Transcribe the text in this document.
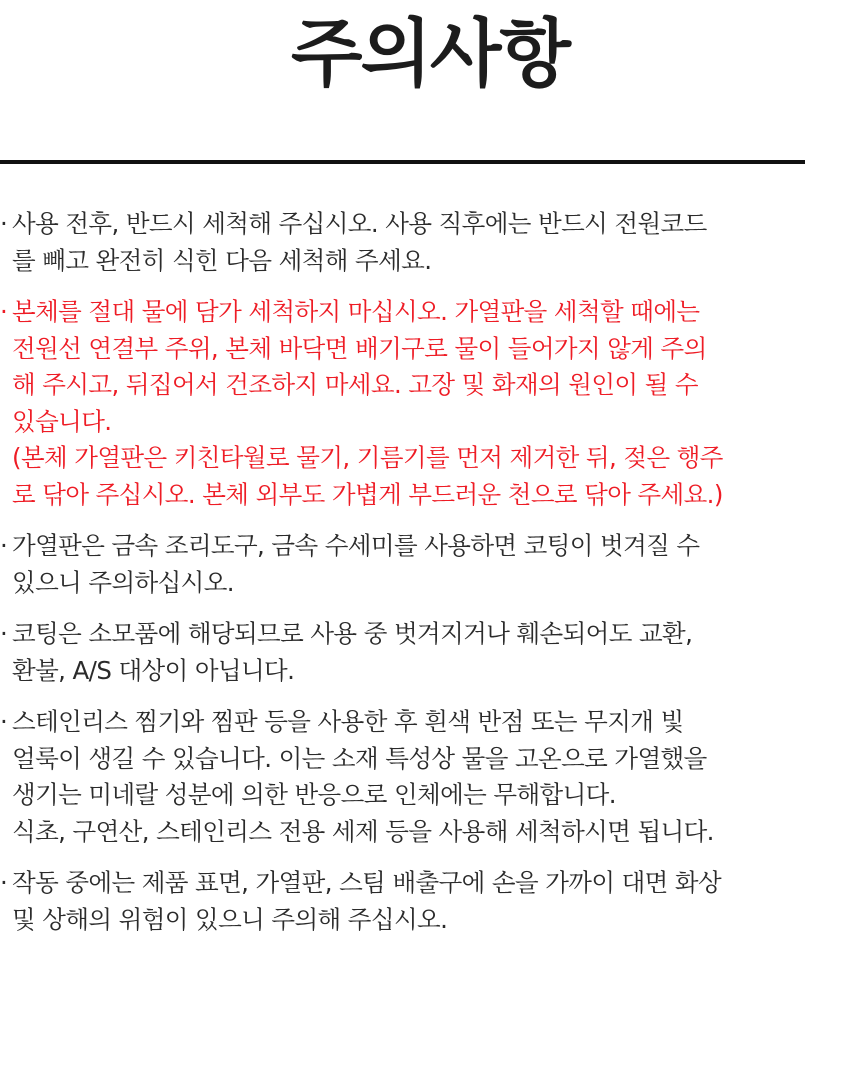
주의사항
· 사용 전후, 반드시 세척해 주십시오. 사용 직후에는 반드시 전원코드
를 빼고 완전히 식힌 다음 세척해 주세요.
· 본체를 절대 물에 담가 세척하지 마십시오. 가열판을 세척할 때에는
전원선 연결부 주위, 본체 바닥면 배기구로 물이 들어가지 않게 주의
해 주시고, 뒤집어서 건조하지 마세요. 고장 및 화재의 원인이 될 수
있습니다.
(본체 가열판은 키친타월로 물기, 기름기를 먼저 제거한 뒤, 젖은 행주
로 닦아 주십시오. 본체 외부도 가볍게 부드러운 천으로 닦아 주세요.)
· 가열판은 금속 조리도구, 금속 수세미를 사용하면 코팅이 벗겨질 수
있으니 주의하십시오.
· 코팅은 소모품에 해당되므로 사용 중 벗겨지거나 훼손되어도 교환,
환불, A/S 대상이 아닙니다.
· 스테인리스 찜기와 찜판 등을 사용한 후 흰색 반점 또는 무지개 빛
얼룩이 생길 수 있습니다. 이는 소재 특성상 물을 고온으로 가열했을
생기는 미네랄 성분에 의한 반응으로 인체에는 무해합니다.
식초, 구연산, 스테인리스 전용 세제 등을 사용해 세척하시면 됩니다.
· 작동 중에는 제품 표면, 가열판, 스팀 배출구에 손을 가까이 대면 화상
및 상해의 위험이 있으니 주의해 주십시오.
